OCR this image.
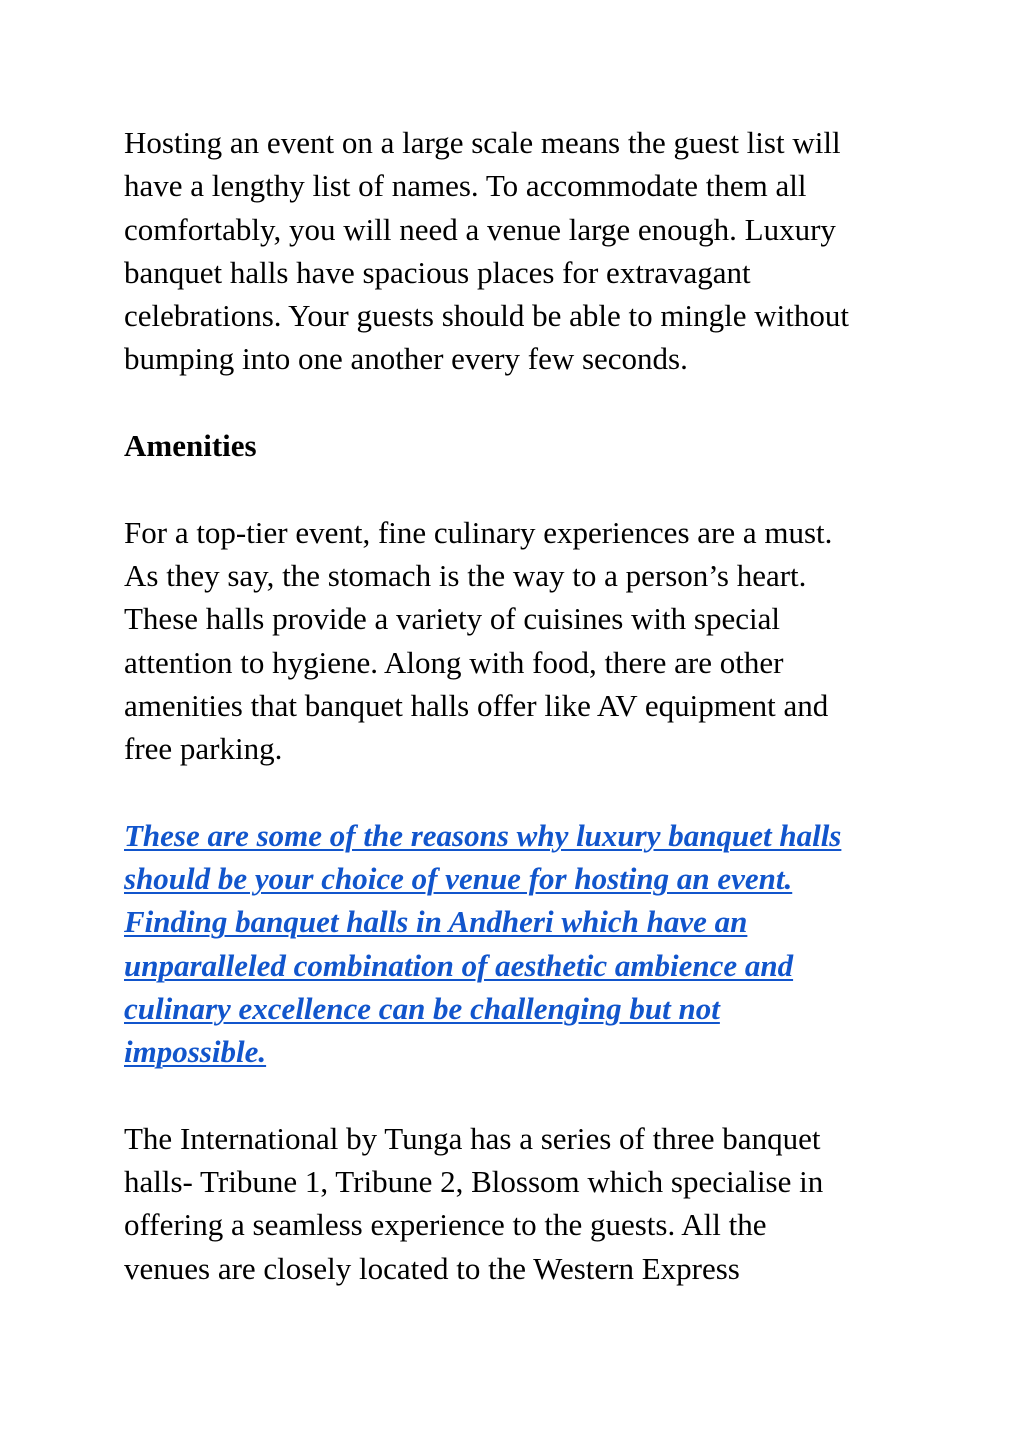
Hosting an event on a large scale means the guest list will
have a lengthy list of names. To accommodate them all
comfortably, you will need a venue large enough. Luxury
banquet halls have spacious places for extravagant
celebrations. Your guests should be able to mingle without
bumping into one another every few seconds.

Amenities

For a top-tier event, fine culinary experiences are a must.
As they say, the stomach is the way to a person’s heart.
These halls provide a variety of cuisines with special
attention to hygiene. Along with food, there are other
amenities that banquet halls offer like AV equipment and
free parking.

These are some of the reasons why luxury banquet halls
should be your choice of venue for hosting an event.
Finding banquet halls in Andheri which have an
unparalleled combination of aesthetic ambience and
culinary excellence can be challenging but not
impossible.

The International by Tunga has a series of three banquet
halls- Tribune 1, Tribune 2, Blossom which specialise in
offering a seamless experience to the guests. All the
venues are closely located to the Western Express
